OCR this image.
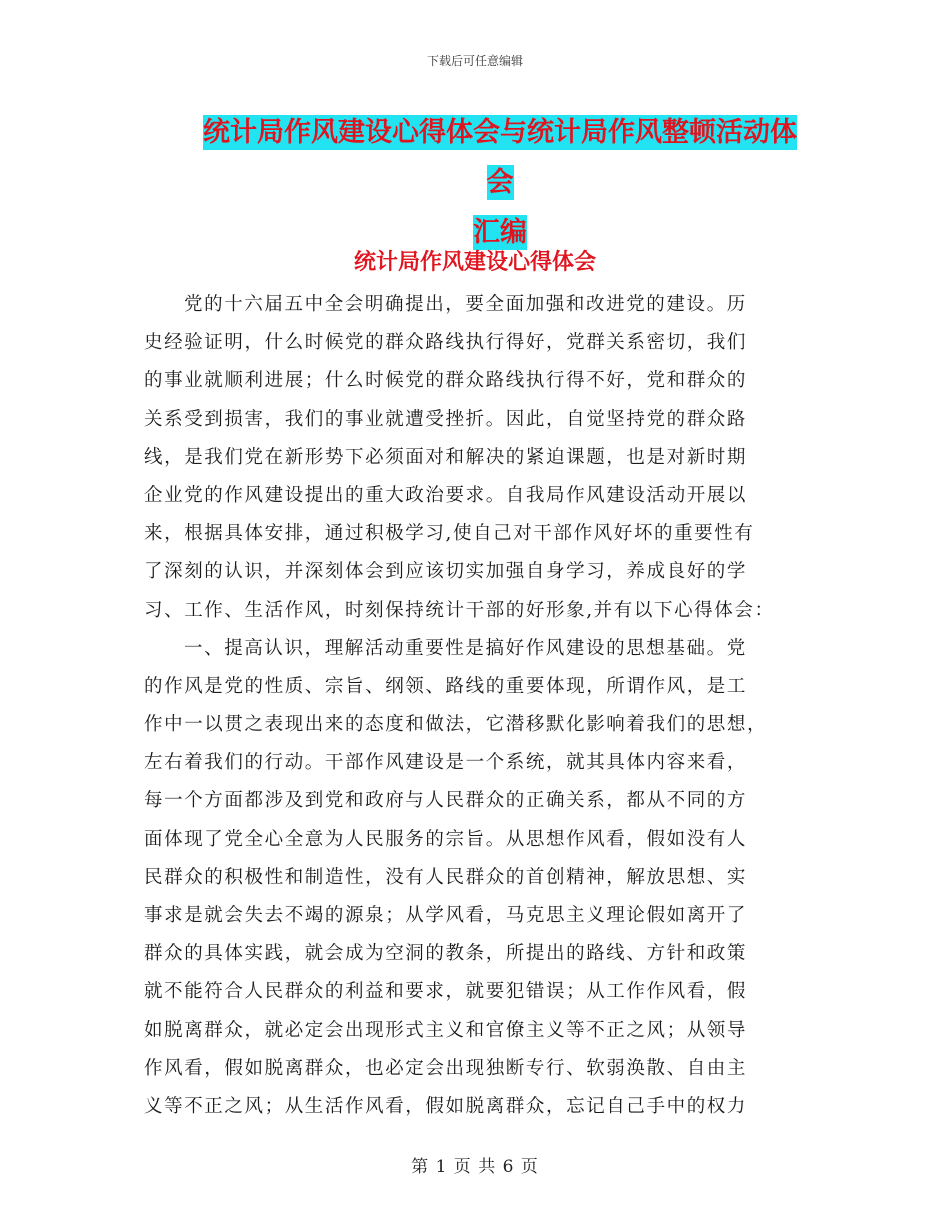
下载后可任意编辑
统计局作风建设心得体会与统计局作风整顿活动体会
汇编
统计局作风建设心得体会
党的十六届五中全会明确提出，要全面加强和改进党的建设。历
史经验证明，什么时候党的群众路线执行得好，党群关系密切，我们
的事业就顺利进展；什么时候党的群众路线执行得不好，党和群众的
关系受到损害，我们的事业就遭受挫折。因此，自觉坚持党的群众路
线，是我们党在新形势下必须面对和解决的紧迫课题，也是对新时期
企业党的作风建设提出的重大政治要求。自我局作风建设活动开展以
来，根据具体安排，通过积极学习,使自己对干部作风好坏的重要性有
了深刻的认识，并深刻体会到应该切实加强自身学习，养成良好的学
习、工作、生活作风，时刻保持统计干部的好形象,并有以下心得体会：
一、提高认识，理解活动重要性是搞好作风建设的思想基础。党
的作风是党的性质、宗旨、纲领、路线的重要体现，所谓作风，是工
作中一以贯之表现出来的态度和做法，它潜移默化影响着我们的思想，
左右着我们的行动。干部作风建设是一个系统，就其具体内容来看，
每一个方面都涉及到党和政府与人民群众的正确关系，都从不同的方
面体现了党全心全意为人民服务的宗旨。从思想作风看，假如没有人
民群众的积极性和制造性，没有人民群众的首创精神，解放思想、实
事求是就会失去不竭的源泉；从学风看，马克思主义理论假如离开了
群众的具体实践，就会成为空洞的教条，所提出的路线、方针和政策
就不能符合人民群众的利益和要求，就要犯错误；从工作作风看，假
如脱离群众，就必定会出现形式主义和官僚主义等不正之风；从领导
作风看，假如脱离群众，也必定会出现独断专行、软弱涣散、自由主
义等不正之风；从生活作风看，假如脱离群众，忘记自己手中的权力
第 1 页 共 6 页
